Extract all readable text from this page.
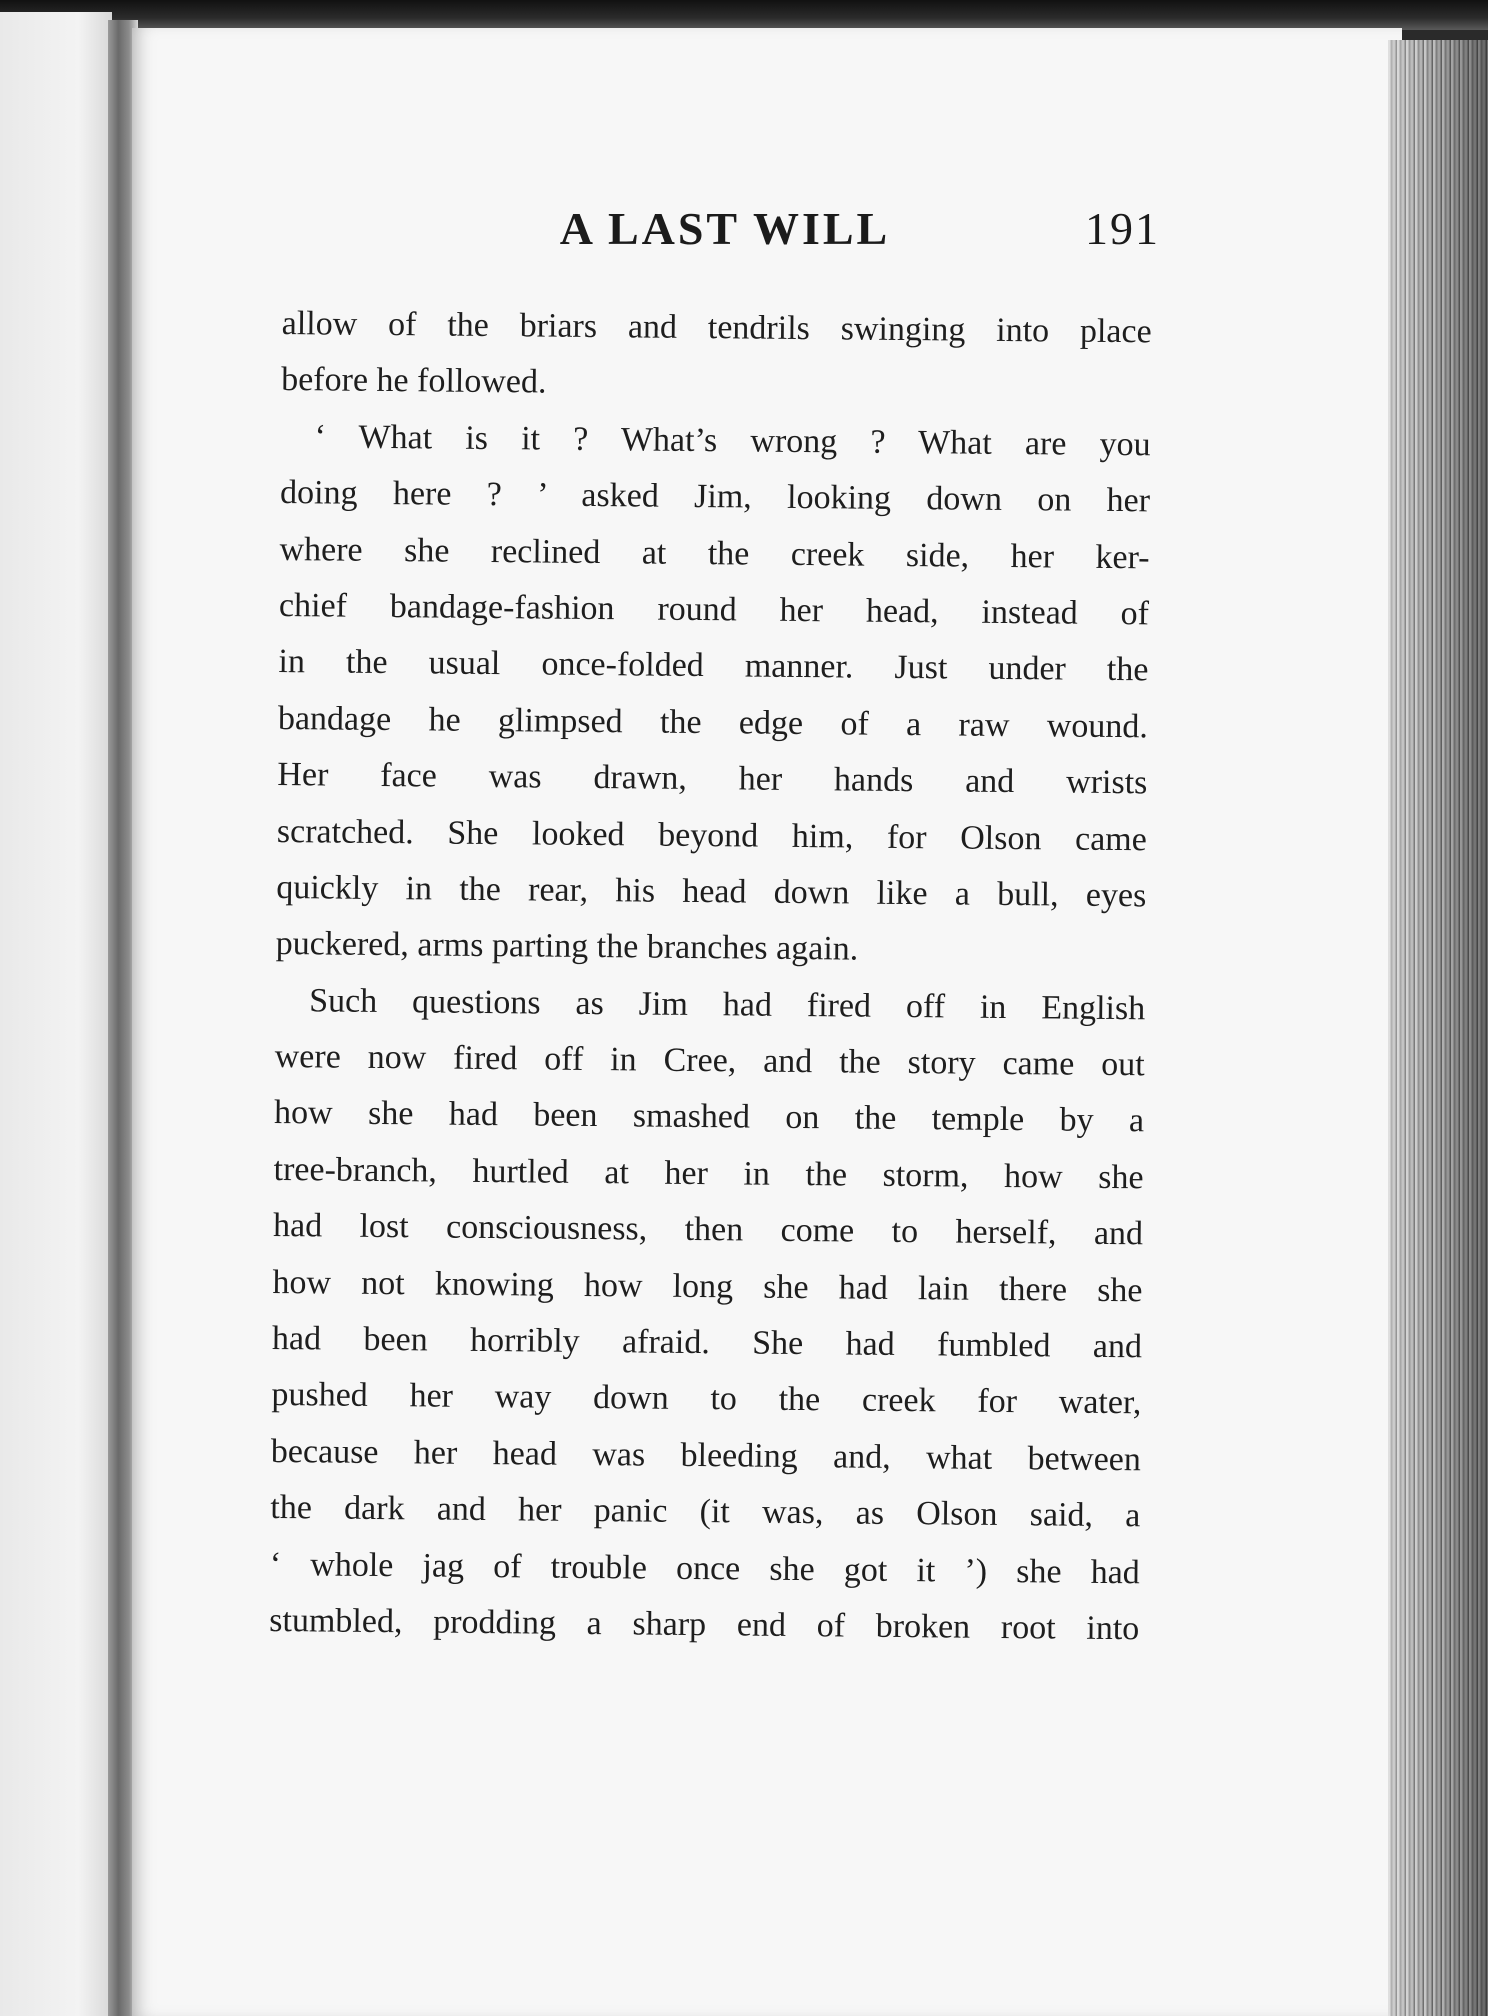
A LAST WILL	191
allow of the briars and tendrils swinging into place
before he followed.
‘ What is it ? What’s wrong ? What are you
doing here ? ’ asked Jim, looking down on her
where she reclined at the creek side, her ker-
chief bandage-fashion round her head, instead of
in the usual once-folded manner. Just under the
bandage he glimpsed the edge of a raw wound.
Her face was drawn, her hands and wrists
scratched. She looked beyond him, for Olson came
quickly in the rear, his head down like a bull, eyes
puckered, arms parting the branches again.
Such questions as Jim had fired off in English
were now fired off in Cree, and the story came out
how she had been smashed on the temple by a
tree-branch, hurtled at her in the storm, how she
had lost consciousness, then come to herself, and
how not knowing how long she had lain there she
had been horribly afraid. She had fumbled and
pushed her way down to the creek for water,
because her head was bleeding and, what between
the dark and her panic (it was, as Olson said, a
‘ whole jag of trouble once she got it ’) she had
stumbled, prodding a sharp end of broken root into
